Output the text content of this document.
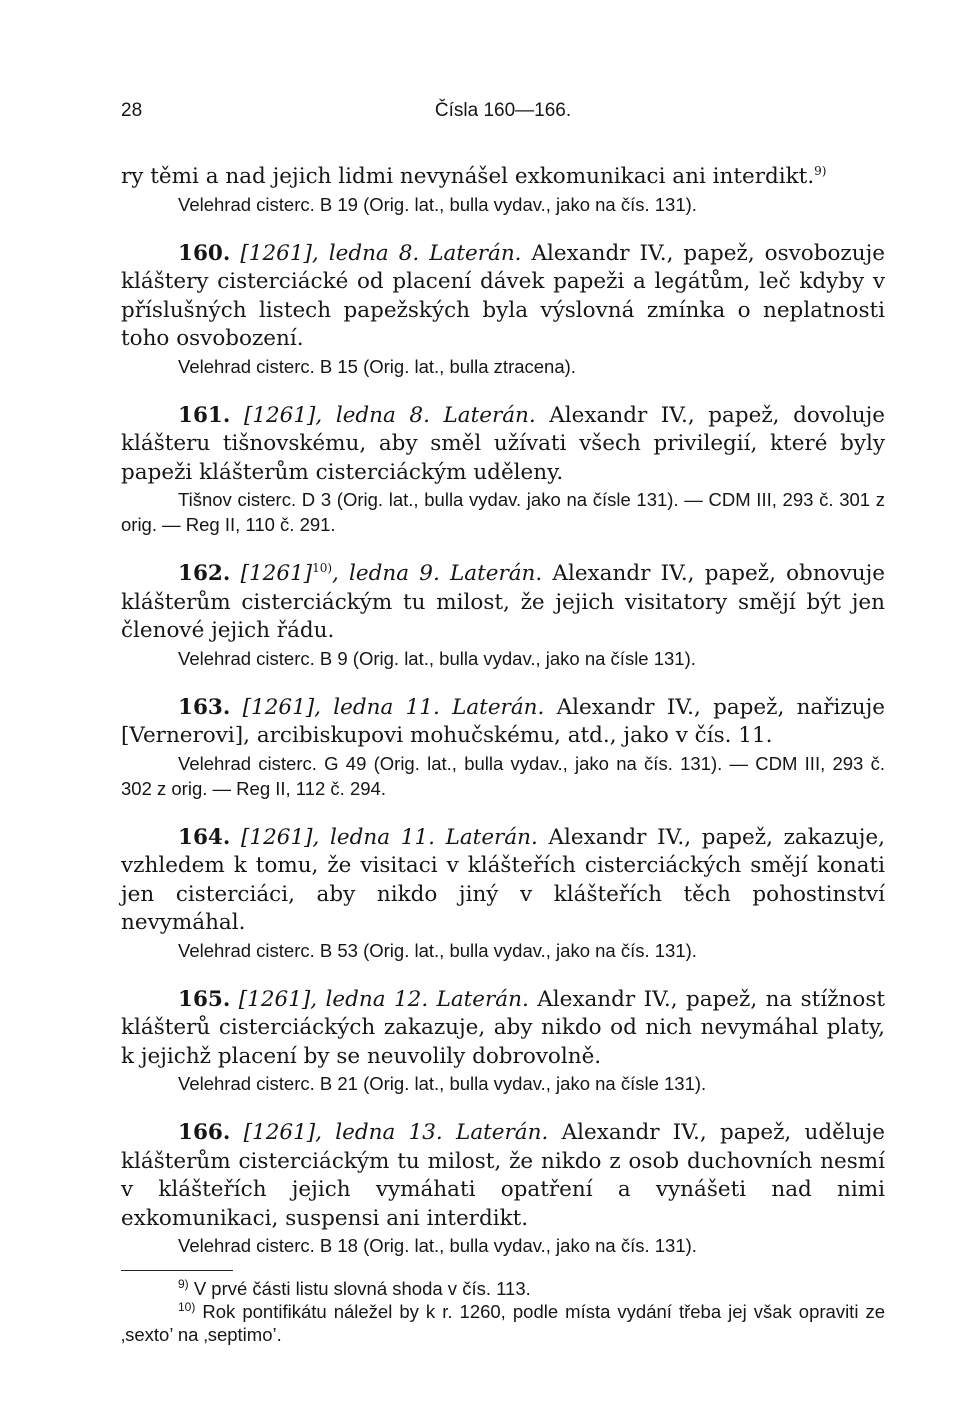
28	Čísla 160—166.

ry těmi a nad jejich lidmi nevynášel exkomunikaci ani interdikt.$^{9)}$

Velehrad cisterc. B 19 (Orig. lat., bulla vydav., jako na čís. 131).

160. [1261], ledna 8. Laterán. Alexandr IV., papež, osvobozuje kláštery cisterciácké od placení dávek papeži a legátům, leč kdyby v příslušných listech papežských byla výslovná zmínka o neplatnosti toho osvobození.

Velehrad cisterc. B 15 (Orig. lat., bulla ztracena).

161. [1261], ledna 8. Laterán. Alexandr IV., papež, dovoluje klášteru tišnovskému, aby směl užívati všech privilegií, které byly papeži klášterům cisterciáckým uděleny.

Tišnov cisterc. D 3 (Orig. lat., bulla vydav. jako na čísle 131). — CDM III, 293 č. 301 z orig. — Reg II, 110 č. 291.

162. $[1261]^{10)}$, ledna 9. Laterán. Alexandr IV., papež, obnovuje klášterům cisterciáckým tu milost, že jejich visitatory smějí být jen členové jejich řádu.

Velehrad cisterc. B 9 (Orig. lat., bulla vydav., jako na čísle 131).

163. [1261], ledna 11. Laterán. Alexandr IV., papež, nařizuje [Vernerovi], arcibiskupovi mohučskému, atd., jako v čís. 11.

Velehrad cisterc. G 49 (Orig. lat., bulla vydav., jako na čís. 131). — CDM III, 293 č. 302 z orig. — Reg II, 112 č. 294.

164. [1261], ledna 11. Laterán. Alexandr IV., papež, zakazuje, vzhledem k tomu, že visitaci v klášteřích cisterciáckých smějí konati jen cisterciáci, aby nikdo jiný v klášteřích těch pohostinství nevymáhal.

Velehrad cisterc. B 53 (Orig. lat., bulla vydav., jako na čís. 131).

165. [1261], ledna 12. Laterán. Alexandr IV., papež, na stížnost klášterů cisterciáckých zakazuje, aby nikdo od nich nevymáhal platy, k jejichž placení by se neuvolily dobrovolně.

Velehrad cisterc. B 21 (Orig. lat., bulla vydav., jako na čísle 131).

166. [1261], ledna 13. Laterán. Alexandr IV., papež, uděluje klášterům cisterciáckým tu milost, že nikdo z osob duchovních nesmí v klášteřích jejich vymáhati opatření a vynášeti nad nimi exkomunikaci, suspensi ani interdikt.

Velehrad cisterc. B 18 (Orig. lat., bulla vydav., jako na čís. 131).

$^{9)}$ V prvé části listu slovná shoda v čís. 113.

$^{10)}$ Rok pontifikátu náležel by k r. 1260, podle místa vydání třeba jej však opraviti ze ‚sexto’ na ‚septimo’.
